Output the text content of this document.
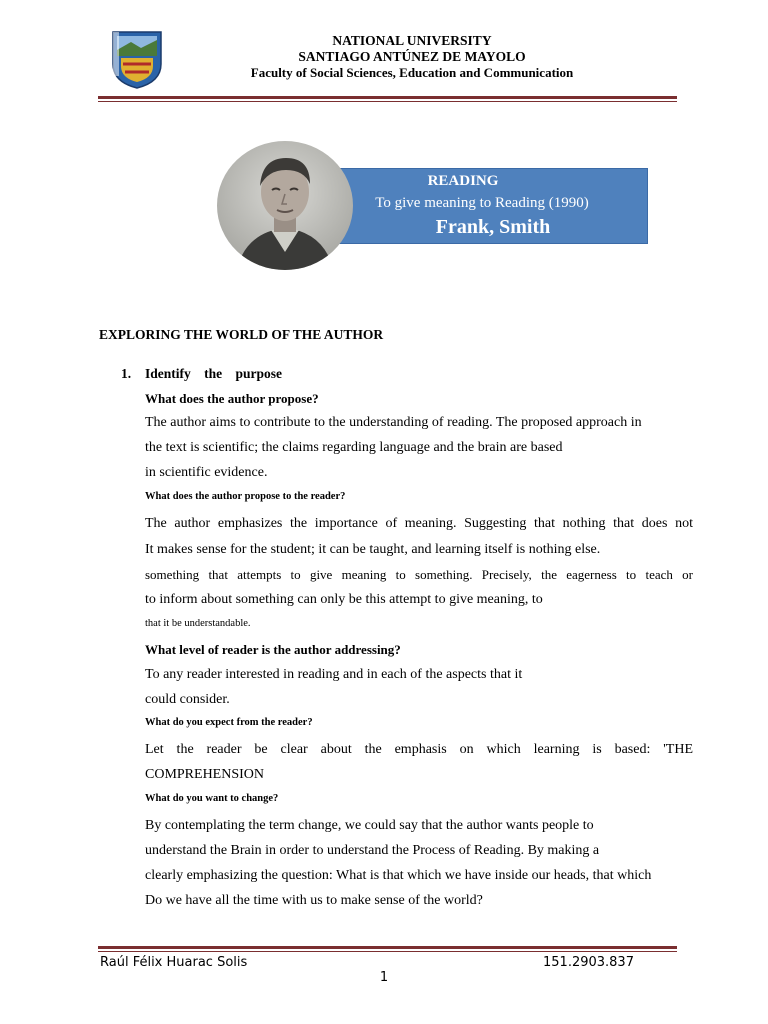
NATIONAL UNIVERSITY
SANTIAGO ANTÚNEZ DE MAYOLO
Faculty of Social Sciences, Education and Communication
READING
To give meaning to Reading (1990)
Frank, Smith
EXPLORING THE WORLD OF THE AUTHOR
1. Identify the purpose
What does the author propose?
The author aims to contribute to the understanding of reading. The proposed approach in
the text is scientific; the claims regarding language and the brain are based
in scientific evidence.
What does the author propose to the reader?
The author emphasizes the importance of meaning. Suggesting that nothing that does not
It makes sense for the student; it can be taught, and learning itself is nothing else.
something that attempts to give meaning to something. Precisely, the eagerness to teach or
to inform about something can only be this attempt to give meaning, to
that it be understandable.
What level of reader is the author addressing?
To any reader interested in reading and in each of the aspects that it
could consider.
What do you expect from the reader?
Let the reader be clear about the emphasis on which learning is based: 'THE
COMPREHENSION
What do you want to change?
By contemplating the term change, we could say that the author wants people to
understand the Brain in order to understand the Process of Reading. By making a
clearly emphasizing the question: What is that which we have inside our heads, that which
Do we have all the time with us to make sense of the world?
Raúl Félix Huarac Solis	151.2903.837
1
